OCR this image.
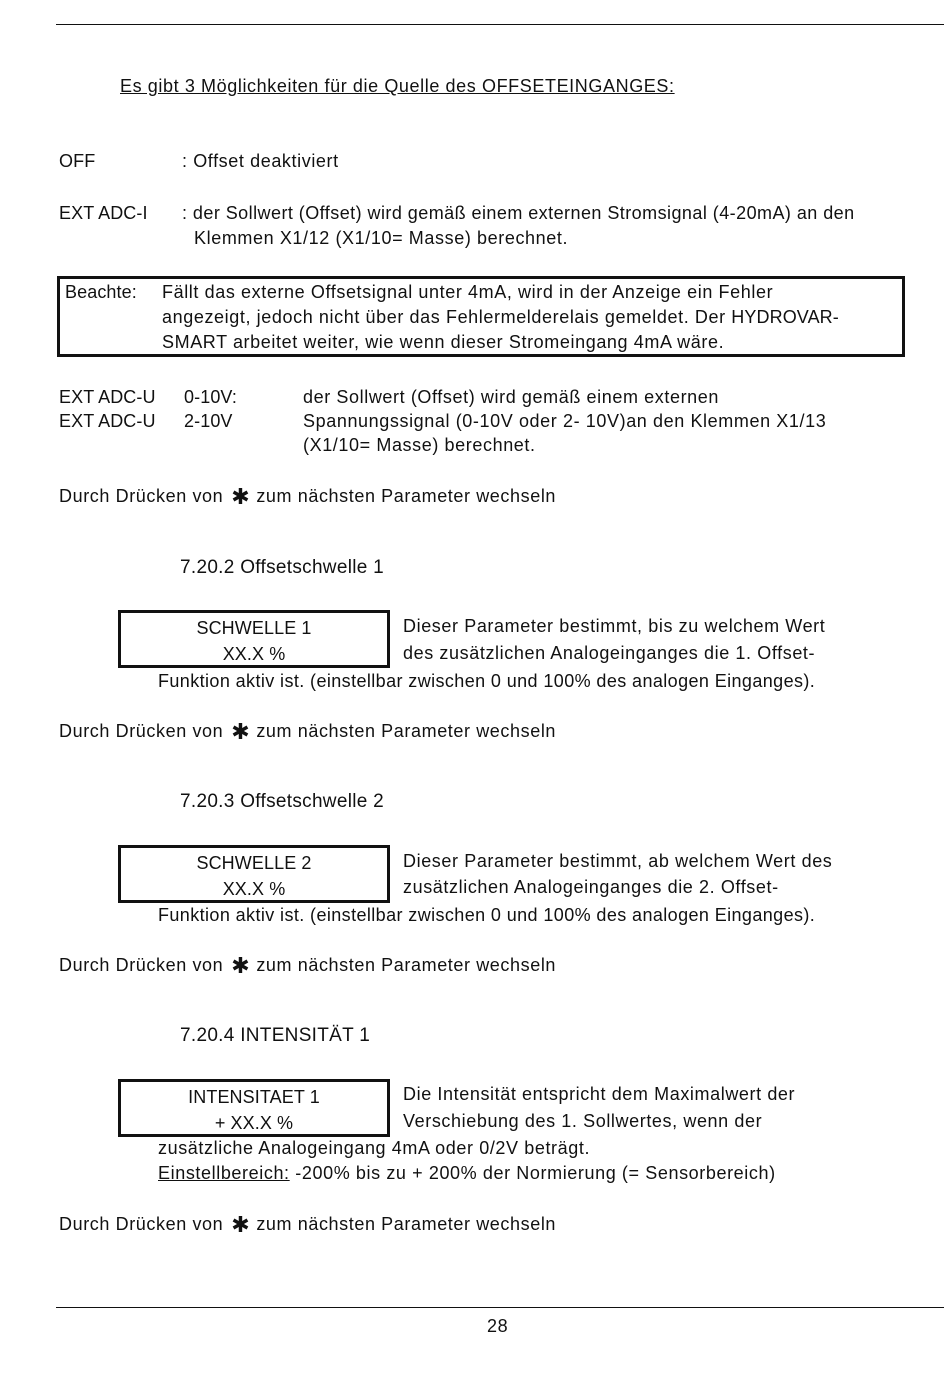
Es gibt 3 Möglichkeiten für die Quelle des OFFSETEINGANGES:
OFF	: Offset deaktiviert
EXT ADC-I : der Sollwert (Offset) wird gemäß einem externen Stromsignal (4-20mA) an den
Klemmen X1/12 (X1/10= Masse) berechnet.
Beachte: Fällt das externe Offsetsignal unter 4mA, wird in der Anzeige ein Fehler
angezeigt, jedoch nicht über das Fehlermelderelais gemeldet. Der HYDROVAR-
SMART arbeitet weiter, wie wenn dieser Stromeingang 4mA wäre.
EXT ADC-U 0-10V:
EXT ADC-U 2-10V
der Sollwert (Offset) wird gemäß einem externen
Spannungssignal (0-10V oder 2- 10V)an den Klemmen X1/13
(X1/10= Masse) berechnet.
Durch Drücken von ✱ zum nächsten Parameter wechseln
7.20.2 Offsetschwelle 1
SCHWELLE 1
XX.X %
Dieser Parameter bestimmt, bis zu welchem Wert
des zusätzlichen Analogeinganges die 1. Offset-
Funktion aktiv ist. (einstellbar zwischen 0 und 100% des analogen Einganges).
Durch Drücken von ✱ zum nächsten Parameter wechseln
7.20.3 Offsetschwelle 2
SCHWELLE 2
XX.X %
Dieser Parameter bestimmt, ab welchem Wert des
zusätzlichen Analogeinganges die 2. Offset-
Funktion aktiv ist. (einstellbar zwischen 0 und 100% des analogen Einganges).
Durch Drücken von ✱ zum nächsten Parameter wechseln
7.20.4 INTENSITÄT 1
INTENSITAET 1
+ XX.X %
Die Intensität entspricht dem Maximalwert der
Verschiebung des 1. Sollwertes, wenn der
zusätzliche Analogeingang 4mA oder 0/2V beträgt.
Einstellbereich: -200% bis zu + 200% der Normierung (= Sensorbereich)
Durch Drücken von ✱ zum nächsten Parameter wechseln
28
